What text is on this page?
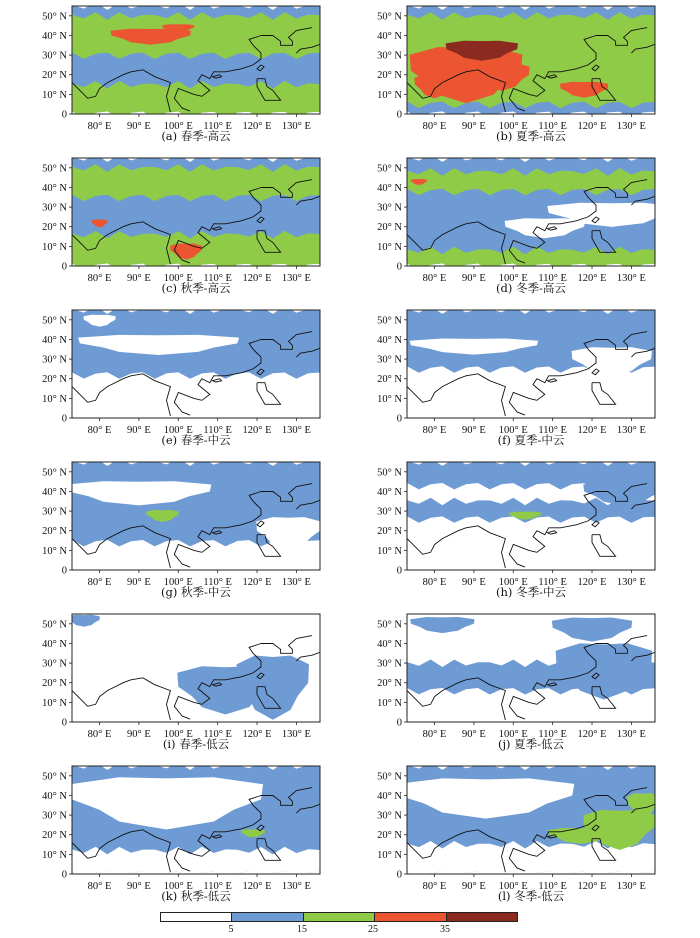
0
10° N
20° N
30° N
40° N
50° N
80° E 90° E 100° E 110° E 120° E 130° E
(a) 春季-高云
0
10° N
20° N
30° N
40° N
50° N
80° E 90° E 100° E 110° E 120° E 130° E
(b) 夏季-高云
0
10° N
20° N
30° N
40° N
50° N
80° E 90° E 100° E 110° E 120° E 130° E
(c) 秋季-高云
0
10° N
20° N
30° N
40° N
50° N
80° E 90° E 100° E 110° E 120° E 130° E
(d) 冬季-高云
0
10° N
20° N
30° N
40° N
50° N
80° E 90° E 100° E 110° E 120° E 130° E
(e) 春季-中云
0
10° N
20° N
30° N
40° N
50° N
80° E 90° E 100° E 110° E 120° E 130° E
(f) 夏季-中云
0
10° N
20° N
30° N
40° N
50° N
80° E 90° E 100° E 110° E 120° E 130° E
(g) 秋季-中云
0
10° N
20° N
30° N
40° N
50° N
80° E 90° E 100° E 110° E 120° E 130° E
(h) 冬季-中云
0
10° N
20° N
30° N
40° N
50° N
80° E 90° E 100° E 110° E 120° E 130° E
(i) 春季-低云
0
10° N
20° N
30° N
40° N
50° N
80° E 90° E 100° E 110° E 120° E 130° E
(j) 夏季-低云
0
10° N
20° N
30° N
40° N
50° N
80° E 90° E 100° E 110° E 120° E 130° E
(k) 秋季-低云
0
10° N
20° N
30° N
40° N
50° N
80° E 90° E 100° E 110° E 120° E 130° E
(l) 冬季-低云
5	15	25	35
